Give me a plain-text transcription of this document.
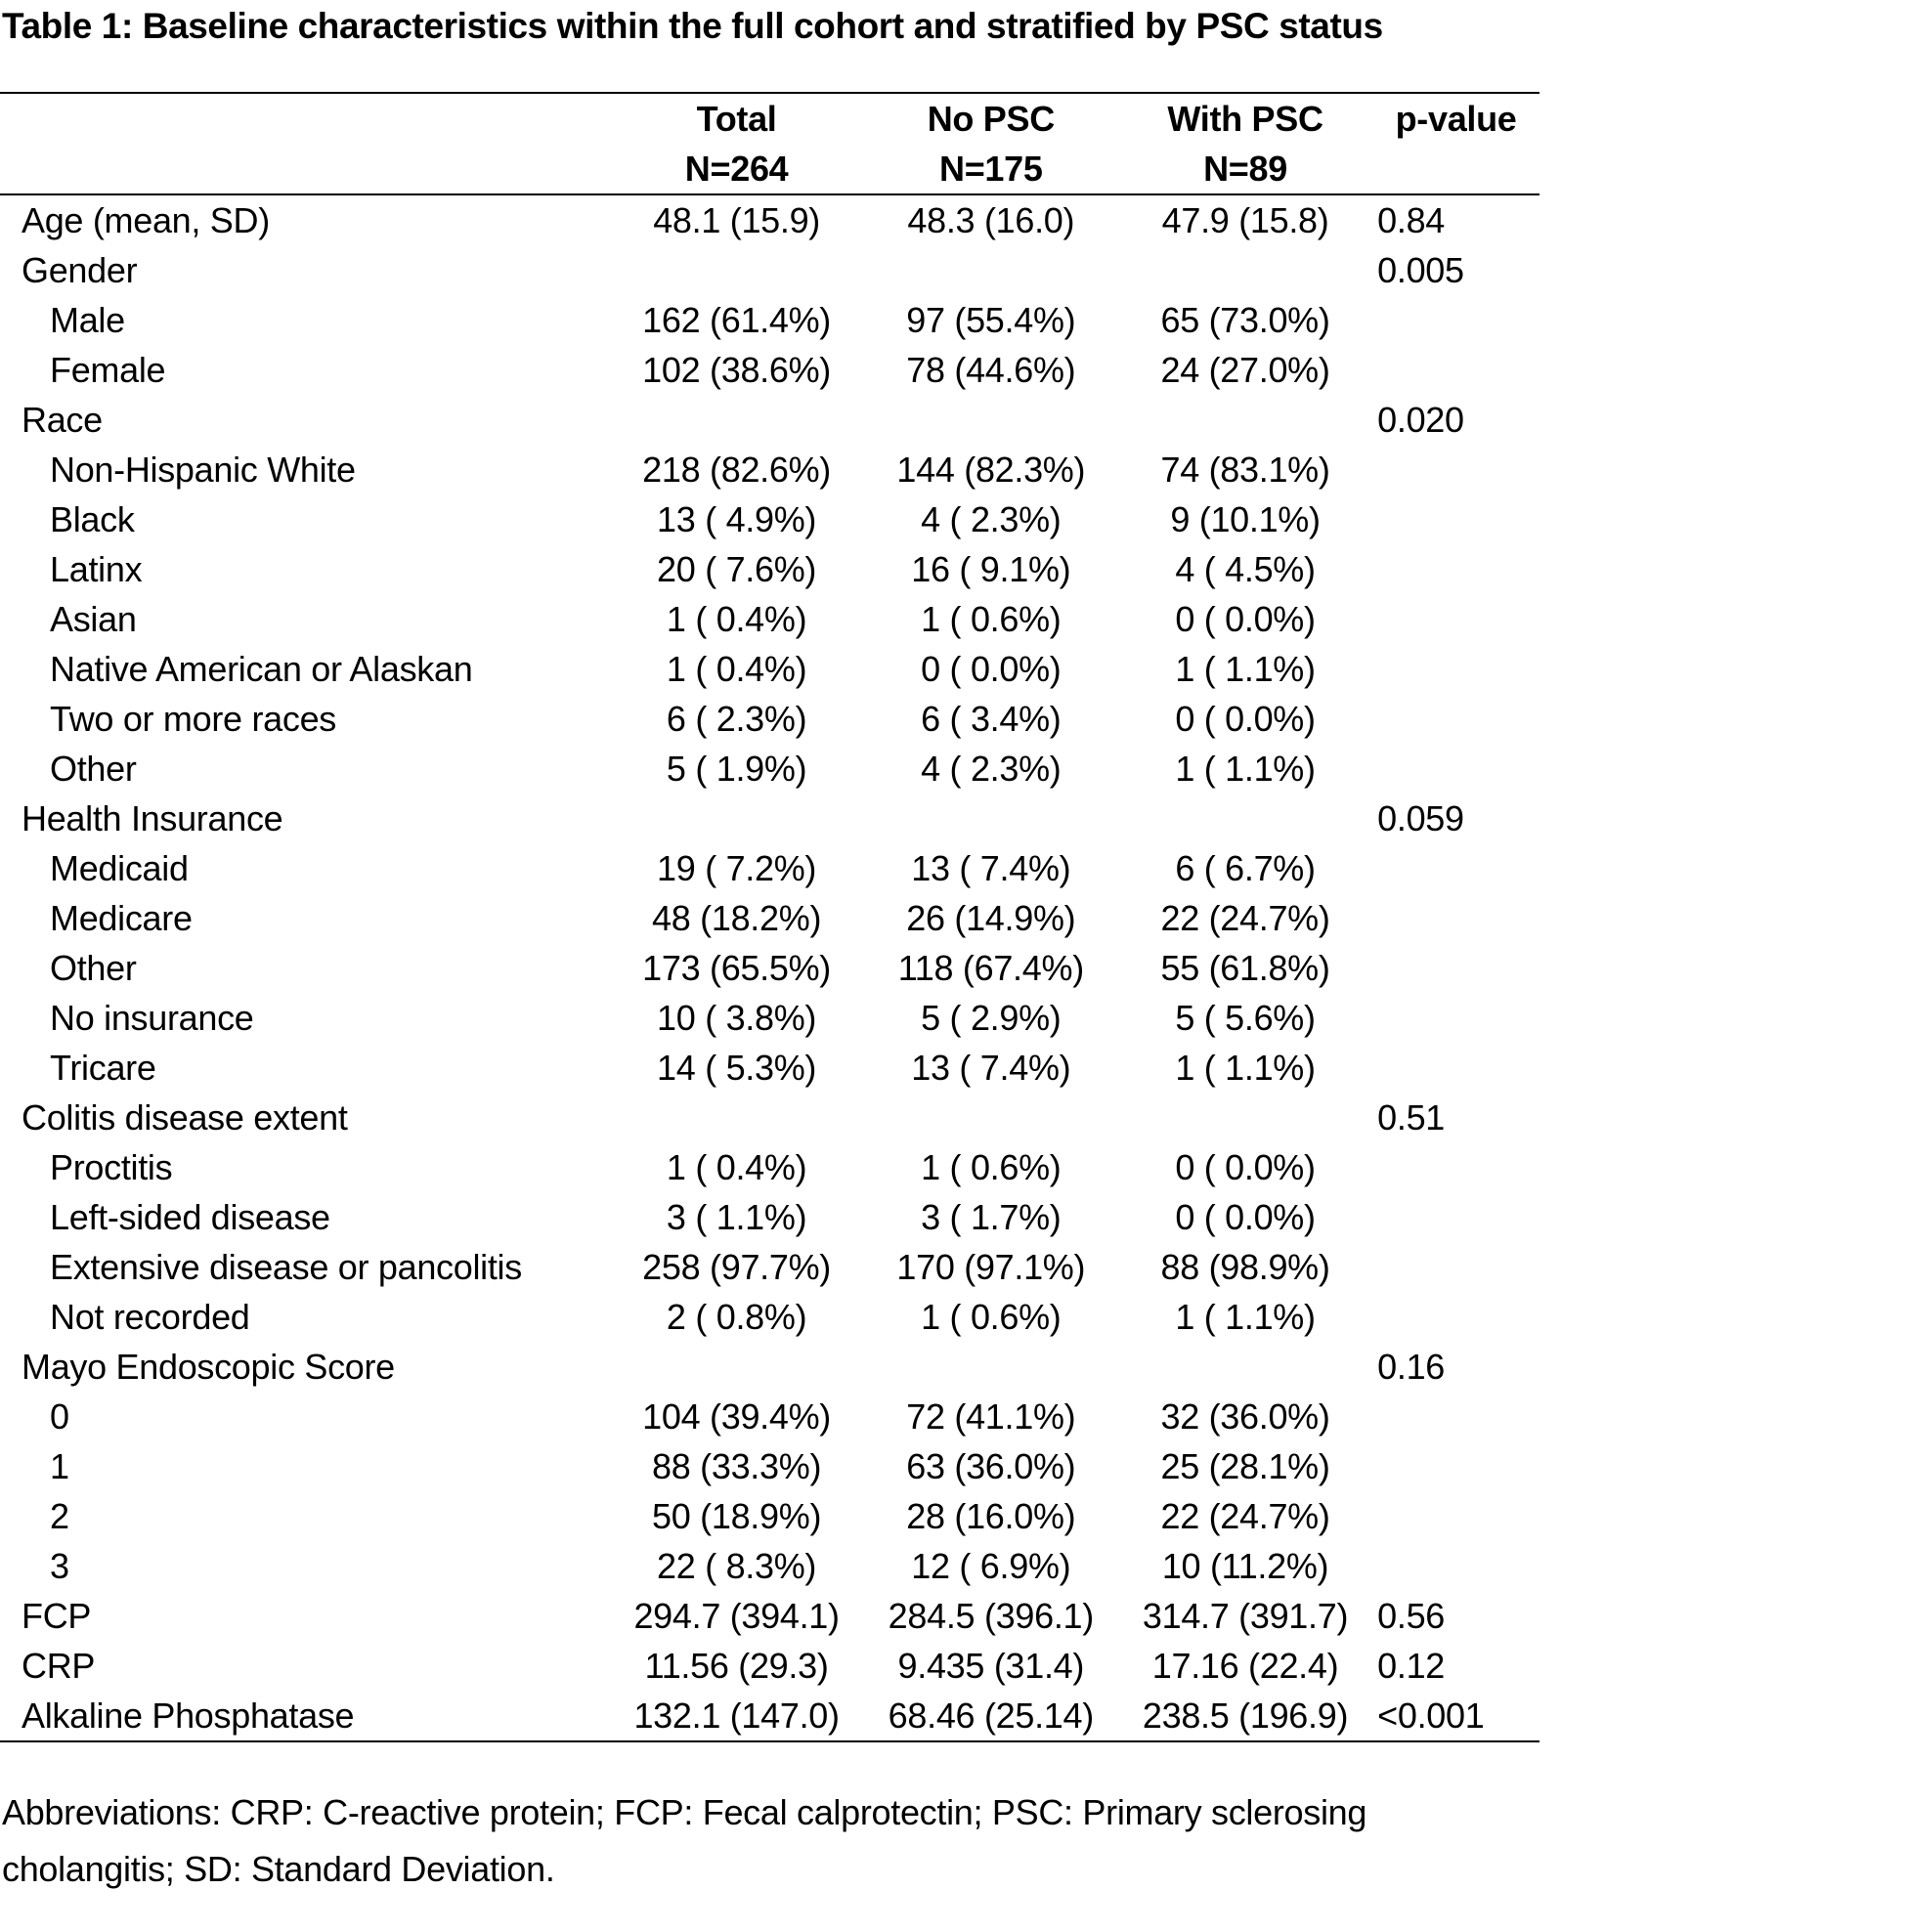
Table 1: Baseline characteristics within the full cohort and stratified by PSC status
	Total	No PSC	With PSC	p-value
	N=264	N=175	N=89	
Age (mean, SD)	48.1 (15.9)	48.3 (16.0)	47.9 (15.8)	0.84
Gender				0.005
Male	162 (61.4%)	97 (55.4%)	65 (73.0%)	
Female	102 (38.6%)	78 (44.6%)	24 (27.0%)	
Race				0.020
Non-Hispanic White	218 (82.6%)	144 (82.3%)	74 (83.1%)	
Black	13 ( 4.9%)	4 ( 2.3%)	9 (10.1%)	
Latinx	20 ( 7.6%)	16 ( 9.1%)	4 ( 4.5%)	
Asian	1 ( 0.4%)	1 ( 0.6%)	0 ( 0.0%)	
Native American or Alaskan	1 ( 0.4%)	0 ( 0.0%)	1 ( 1.1%)	
Two or more races	6 ( 2.3%)	6 ( 3.4%)	0 ( 0.0%)	
Other	5 ( 1.9%)	4 ( 2.3%)	1 ( 1.1%)	
Health Insurance				0.059
Medicaid	19 ( 7.2%)	13 ( 7.4%)	6 ( 6.7%)	
Medicare	48 (18.2%)	26 (14.9%)	22 (24.7%)	
Other	173 (65.5%)	118 (67.4%)	55 (61.8%)	
No insurance	10 ( 3.8%)	5 ( 2.9%)	5 ( 5.6%)	
Tricare	14 ( 5.3%)	13 ( 7.4%)	1 ( 1.1%)	
Colitis disease extent				0.51
Proctitis	1 ( 0.4%)	1 ( 0.6%)	0 ( 0.0%)	
Left-sided disease	3 ( 1.1%)	3 ( 1.7%)	0 ( 0.0%)	
Extensive disease or pancolitis	258 (97.7%)	170 (97.1%)	88 (98.9%)	
Not recorded	2 ( 0.8%)	1 ( 0.6%)	1 ( 1.1%)	
Mayo Endoscopic Score				0.16
0	104 (39.4%)	72 (41.1%)	32 (36.0%)	
1	88 (33.3%)	63 (36.0%)	25 (28.1%)	
2	50 (18.9%)	28 (16.0%)	22 (24.7%)	
3	22 ( 8.3%)	12 ( 6.9%)	10 (11.2%)	
FCP	294.7 (394.1)	284.5 (396.1)	314.7 (391.7)	0.56
CRP	11.56 (29.3)	9.435 (31.4)	17.16 (22.4)	0.12
Alkaline Phosphatase	132.1 (147.0)	68.46 (25.14)	238.5 (196.9)	<0.001
Abbreviations: CRP: C-reactive protein; FCP: Fecal calprotectin; PSC: Primary sclerosing cholangitis; SD: Standard Deviation.
